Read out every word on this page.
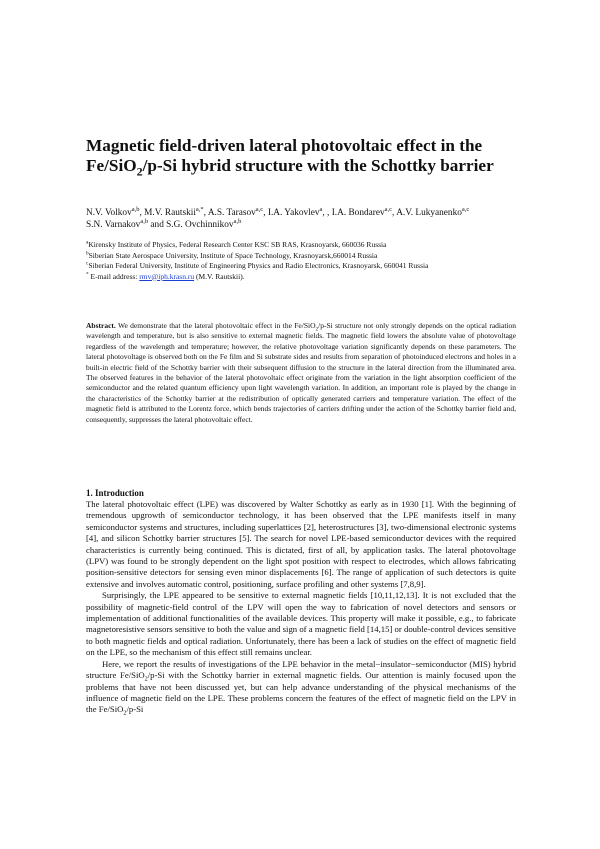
Magnetic field-driven lateral photovoltaic effect in the
Fe/SiO$_2$/p-Si hybrid structure with the Schottky barrier
N.V. Volkov$^{a,b}$, M.V. Rautskii$^{a,*}$, A.S. Tarasov$^{a,c}$, I.A. Yakovlev$^a$, , I.A. Bondarev$^{a,c}$, A.V. Lukyanenko$^{a,c}$
S.N. Varnakov$^{a,b}$ and S.G. Ovchinnikov$^{a,b}$
$^a$Kirensky Institute of Physics, Federal Research Center KSC SB RAS, Krasnoyarsk, 660036 Russia
$^b$Siberian State Aerospace University, Institute of Space Technology, Krasnoyarsk,660014 Russia
$^c$Siberian Federal University, Institute of Engineering Physics and Radio Electronics, Krasnoyarsk, 660041 Russia
* E-mail address: rmv@iph.krasn.ru (M.V. Rautskii).
Abstract. We demonstrate that the lateral photovoltaic effect in the Fe/SiO$_2$/p-Si structure not only strongly depends on the optical radiation wavelength and temperature, but is also sensitive to external magnetic fields. The magnetic field lowers the absolute value of photovoltage regardless of the wavelength and temperature; however, the relative photovoltage variation significantly depends on these parameters. The lateral photovoltage is observed both on the Fe film and Si substrate sides and results from separation of photoinduced electrons and holes in a built-in electric field of the Schottky barrier with their subsequent diffusion to the structure in the lateral direction from the illuminated area. The observed features in the behavior of the lateral photovoltaic effect originate from the variation in the light absorption coefficient of the semiconductor and the related quantum efficiency upon light wavelength variation. In addition, an important role is played by the change in the characteristics of the Schottky barrier at the redistribution of optically generated carriers and temperature variation. The effect of the magnetic field is attributed to the Lorentz force, which bends trajectories of carriers drifting under the action of the Schottky barrier field and, consequently, suppresses the lateral photovoltaic effect.
1. Introduction

The lateral photovoltaic effect (LPE) was discovered by Walter Schottky as early as in 1930 [1]. With the beginning of tremendous upgrowth of semiconductor technology, it has been observed that the LPE manifests itself in many semiconductor systems and structures, including superlattices [2], heterostructures [3], two-dimensional electronic systems [4], and silicon Schottky barrier structures [5]. The search for novel LPE-based semiconductor devices with the required characteristics is currently being continued. This is dictated, first of all, by application tasks. The lateral photovoltage (LPV) was found to be strongly dependent on the light spot position with respect to electrodes, which allows fabricating position-sensitive detectors for sensing even minor displacements [6]. The range of application of such detectors is quite extensive and involves automatic control, positioning, surface profiling and other systems [7,8,9].

Surprisingly, the LPE appeared to be sensitive to external magnetic fields [10,11,12,13]. It is not excluded that the possibility of magnetic-field control of the LPV will open the way to fabrication of novel detectors and sensors or implementation of additional functionalities of the available devices. This property will make it possible, e.g., to fabricate magnetoresistive sensors sensitive to both the value and sign of a magnetic field [14,15] or double-control devices sensitive to both magnetic fields and optical radiation. Unfortunately, there has been a lack of studies on the effect of magnetic field on the LPE, so the mechanism of this effect still remains unclear.

Here, we report the results of investigations of the LPE behavior in the metal−insulator−semiconductor (MIS) hybrid structure Fe/SiO$_2$/p-Si with the Schottky barrier in external magnetic fields. Our attention is mainly focused upon the problems that have not been discussed yet, but can help advance understanding of the physical mechanisms of the influence of magnetic field on the LPE. These problems concern the features of the effect of magnetic field on the LPV in the Fe/SiO$_2$/p-Si
